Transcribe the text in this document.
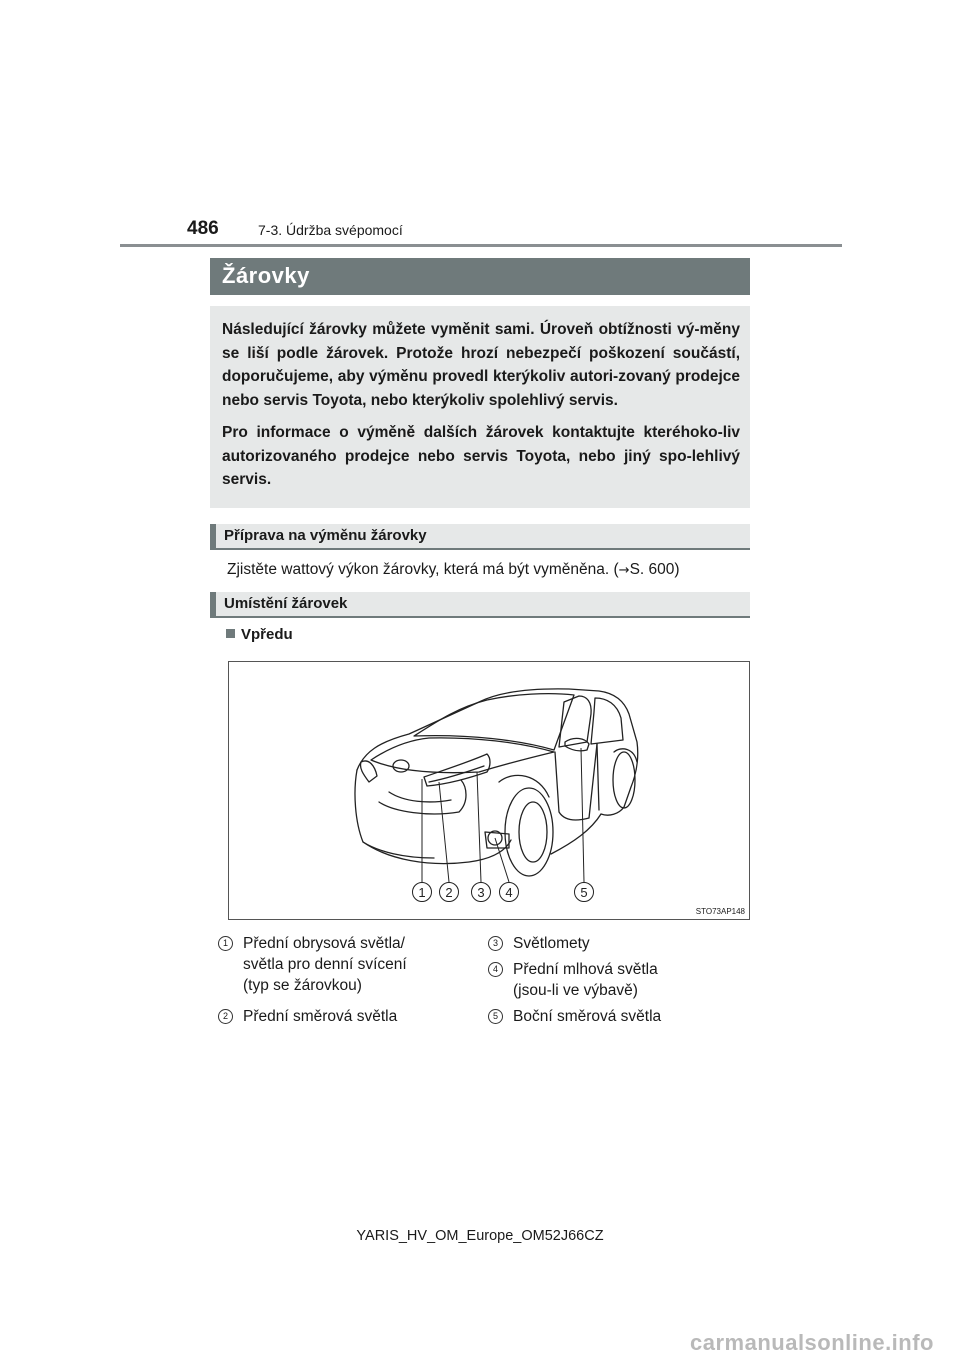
486	7-3. Údržba svépomocí
Žárovky

Následující žárovky můžete vyměnit sami. Úroveň obtížnosti vý-měny se liší podle žárovek. Protože hrozí nebezpečí poškození součástí, doporučujeme, aby výměnu provedl kterýkoliv autori-zovaný prodejce nebo servis Toyota, nebo kterýkoliv spolehlivý servis.

Pro informace o výměně dalších žárovek kontaktujte kteréhoko-liv autorizovaného prodejce nebo servis Toyota, nebo jiný spo-lehlivý servis.

Příprava na výměnu žárovky
Zjistěte wattový výkon žárovky, která má být vyměněna. (→S. 600)
Umístění žárovek
Vpředu
1 2 3 4	5
STO73AP148
1 Přední obrysová světla/
světla pro denní svícení
(typ se žárovkou)
2 Přední směrová světla
3 Světlomety
4 Přední mlhová světla
(jsou-li ve výbavě)
5 Boční směrová světla
YARIS_HV_OM_Europe_OM52J66CZ
carmanualsonline.info
